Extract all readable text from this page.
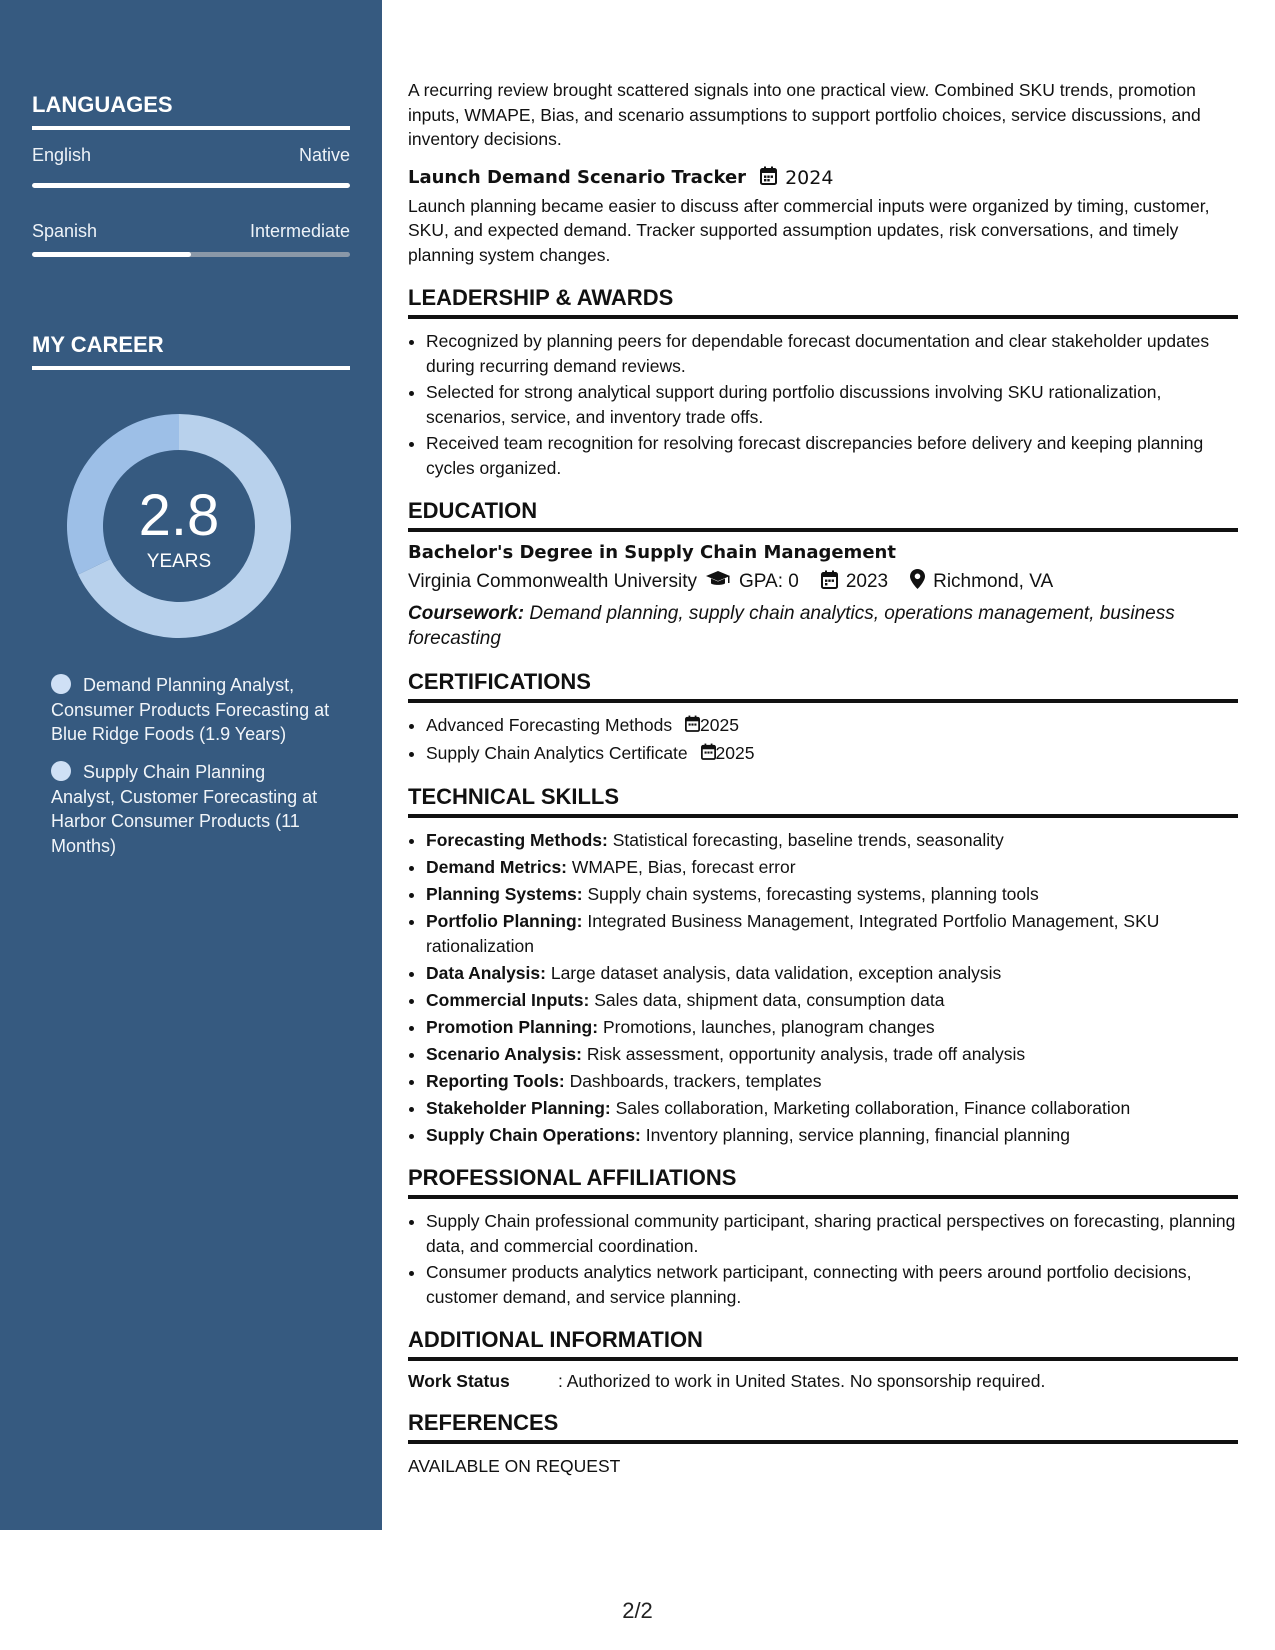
LANGUAGES
English	Native
Spanish	Intermediate
MY CAREER
2.8
YEARS
Demand Planning Analyst, Consumer Products Forecasting at Blue Ridge Foods (1.9 Years)
Supply Chain Planning Analyst, Customer Forecasting at Harbor Consumer Products (11 Months)

A recurring review brought scattered signals into one practical view. Combined SKU trends, promotion inputs, WMAPE, Bias, and scenario assumptions to support portfolio choices, service discussions, and inventory decisions.

Launch Demand Scenario Tracker 2024

Launch planning became easier to discuss after commercial inputs were organized by timing, customer, SKU, and expected demand. Tracker supported assumption updates, risk conversations, and timely planning system changes.

LEADERSHIP & AWARDS
• Recognized by planning peers for dependable forecast documentation and clear stakeholder updates during recurring demand reviews.
• Selected for strong analytical support during portfolio discussions involving SKU rationalization, scenarios, service, and inventory trade offs.
• Received team recognition for resolving forecast discrepancies before delivery and keeping planning cycles organized.
EDUCATION
Bachelor's Degree in Supply Chain Management
Virginia Commonwealth University GPA: 0 2023 Richmond, VA
Coursework: Demand planning, supply chain analytics, operations management, business forecasting
CERTIFICATIONS
• Advanced Forecasting Methods 2025
• Supply Chain Analytics Certificate 2025
TECHNICAL SKILLS
• Forecasting Methods: Statistical forecasting, baseline trends, seasonality
• Demand Metrics: WMAPE, Bias, forecast error
• Planning Systems: Supply chain systems, forecasting systems, planning tools
• Portfolio Planning: Integrated Business Management, Integrated Portfolio Management, SKU rationalization
• Data Analysis: Large dataset analysis, data validation, exception analysis
• Commercial Inputs: Sales data, shipment data, consumption data
• Promotion Planning: Promotions, launches, planogram changes
• Scenario Analysis: Risk assessment, opportunity analysis, trade off analysis
• Reporting Tools: Dashboards, trackers, templates
• Stakeholder Planning: Sales collaboration, Marketing collaboration, Finance collaboration
• Supply Chain Operations: Inventory planning, service planning, financial planning
PROFESSIONAL AFFILIATIONS
• Supply Chain professional community participant, sharing practical perspectives on forecasting, planning data, and commercial coordination.
• Consumer products analytics network participant, connecting with peers around portfolio decisions, customer demand, and service planning.
ADDITIONAL INFORMATION
Work Status	: Authorized to work in United States. No sponsorship required.
REFERENCES
AVAILABLE ON REQUEST
2/2
